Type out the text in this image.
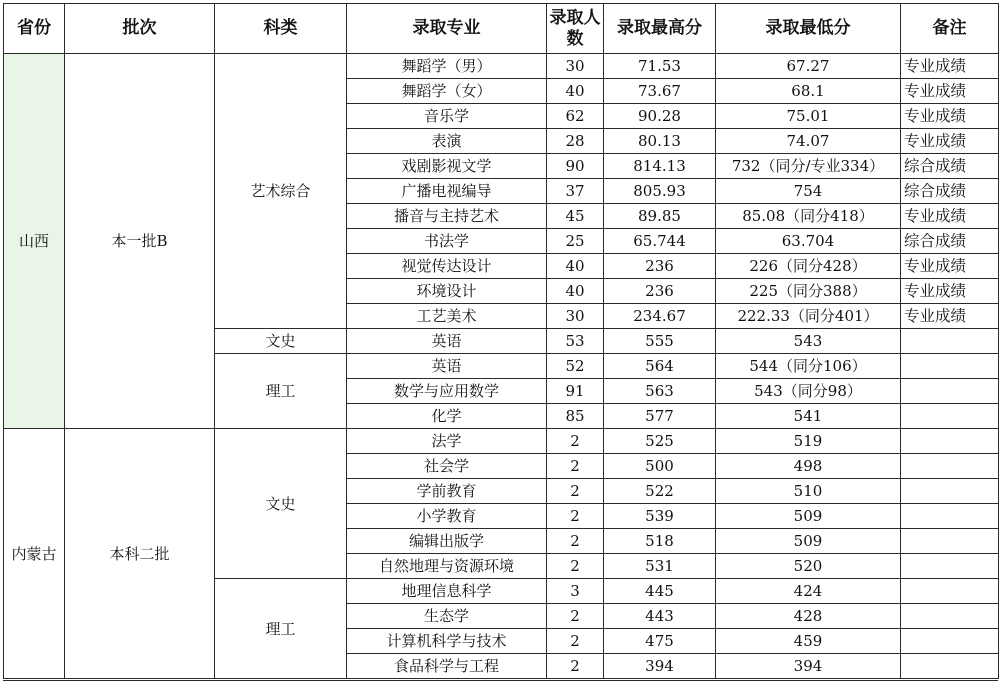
省份	批次	科类	录取专业	录取人数	录取最高分	录取最低分	备注
山西	本一批B	艺术综合	舞蹈学（男）	30	71.53	67.27	专业成绩
			舞蹈学（女）	40	73.67	68.1	专业成绩
			音乐学	62	90.28	75.01	专业成绩
			表演	28	80.13	74.07	专业成绩
			戏剧影视文学	90	814.13	732（同分/专业334）	综合成绩
			广播电视编导	37	805.93	754	综合成绩
			播音与主持艺术	45	89.85	85.08（同分418）	专业成绩
			书法学	25	65.744	63.704	综合成绩
			视觉传达设计	40	236	226（同分428）	专业成绩
			环境设计	40	236	225（同分388）	专业成绩
			工艺美术	30	234.67	222.33（同分401）	专业成绩
		文史	英语	53	555	543	
		理工	英语	52	564	544（同分106）	
			数学与应用数学	91	563	543（同分98）	
			化学	85	577	541	
内蒙古	本科二批	文史	法学	2	525	519	
			社会学	2	500	498	
			学前教育	2	522	510	
			小学教育	2	539	509	
			编辑出版学	2	518	509	
			自然地理与资源环境	2	531	520	
		理工	地理信息科学	3	445	424	
			生态学	2	443	428	
			计算机科学与技术	2	475	459	
			食品科学与工程	2	394	394	
